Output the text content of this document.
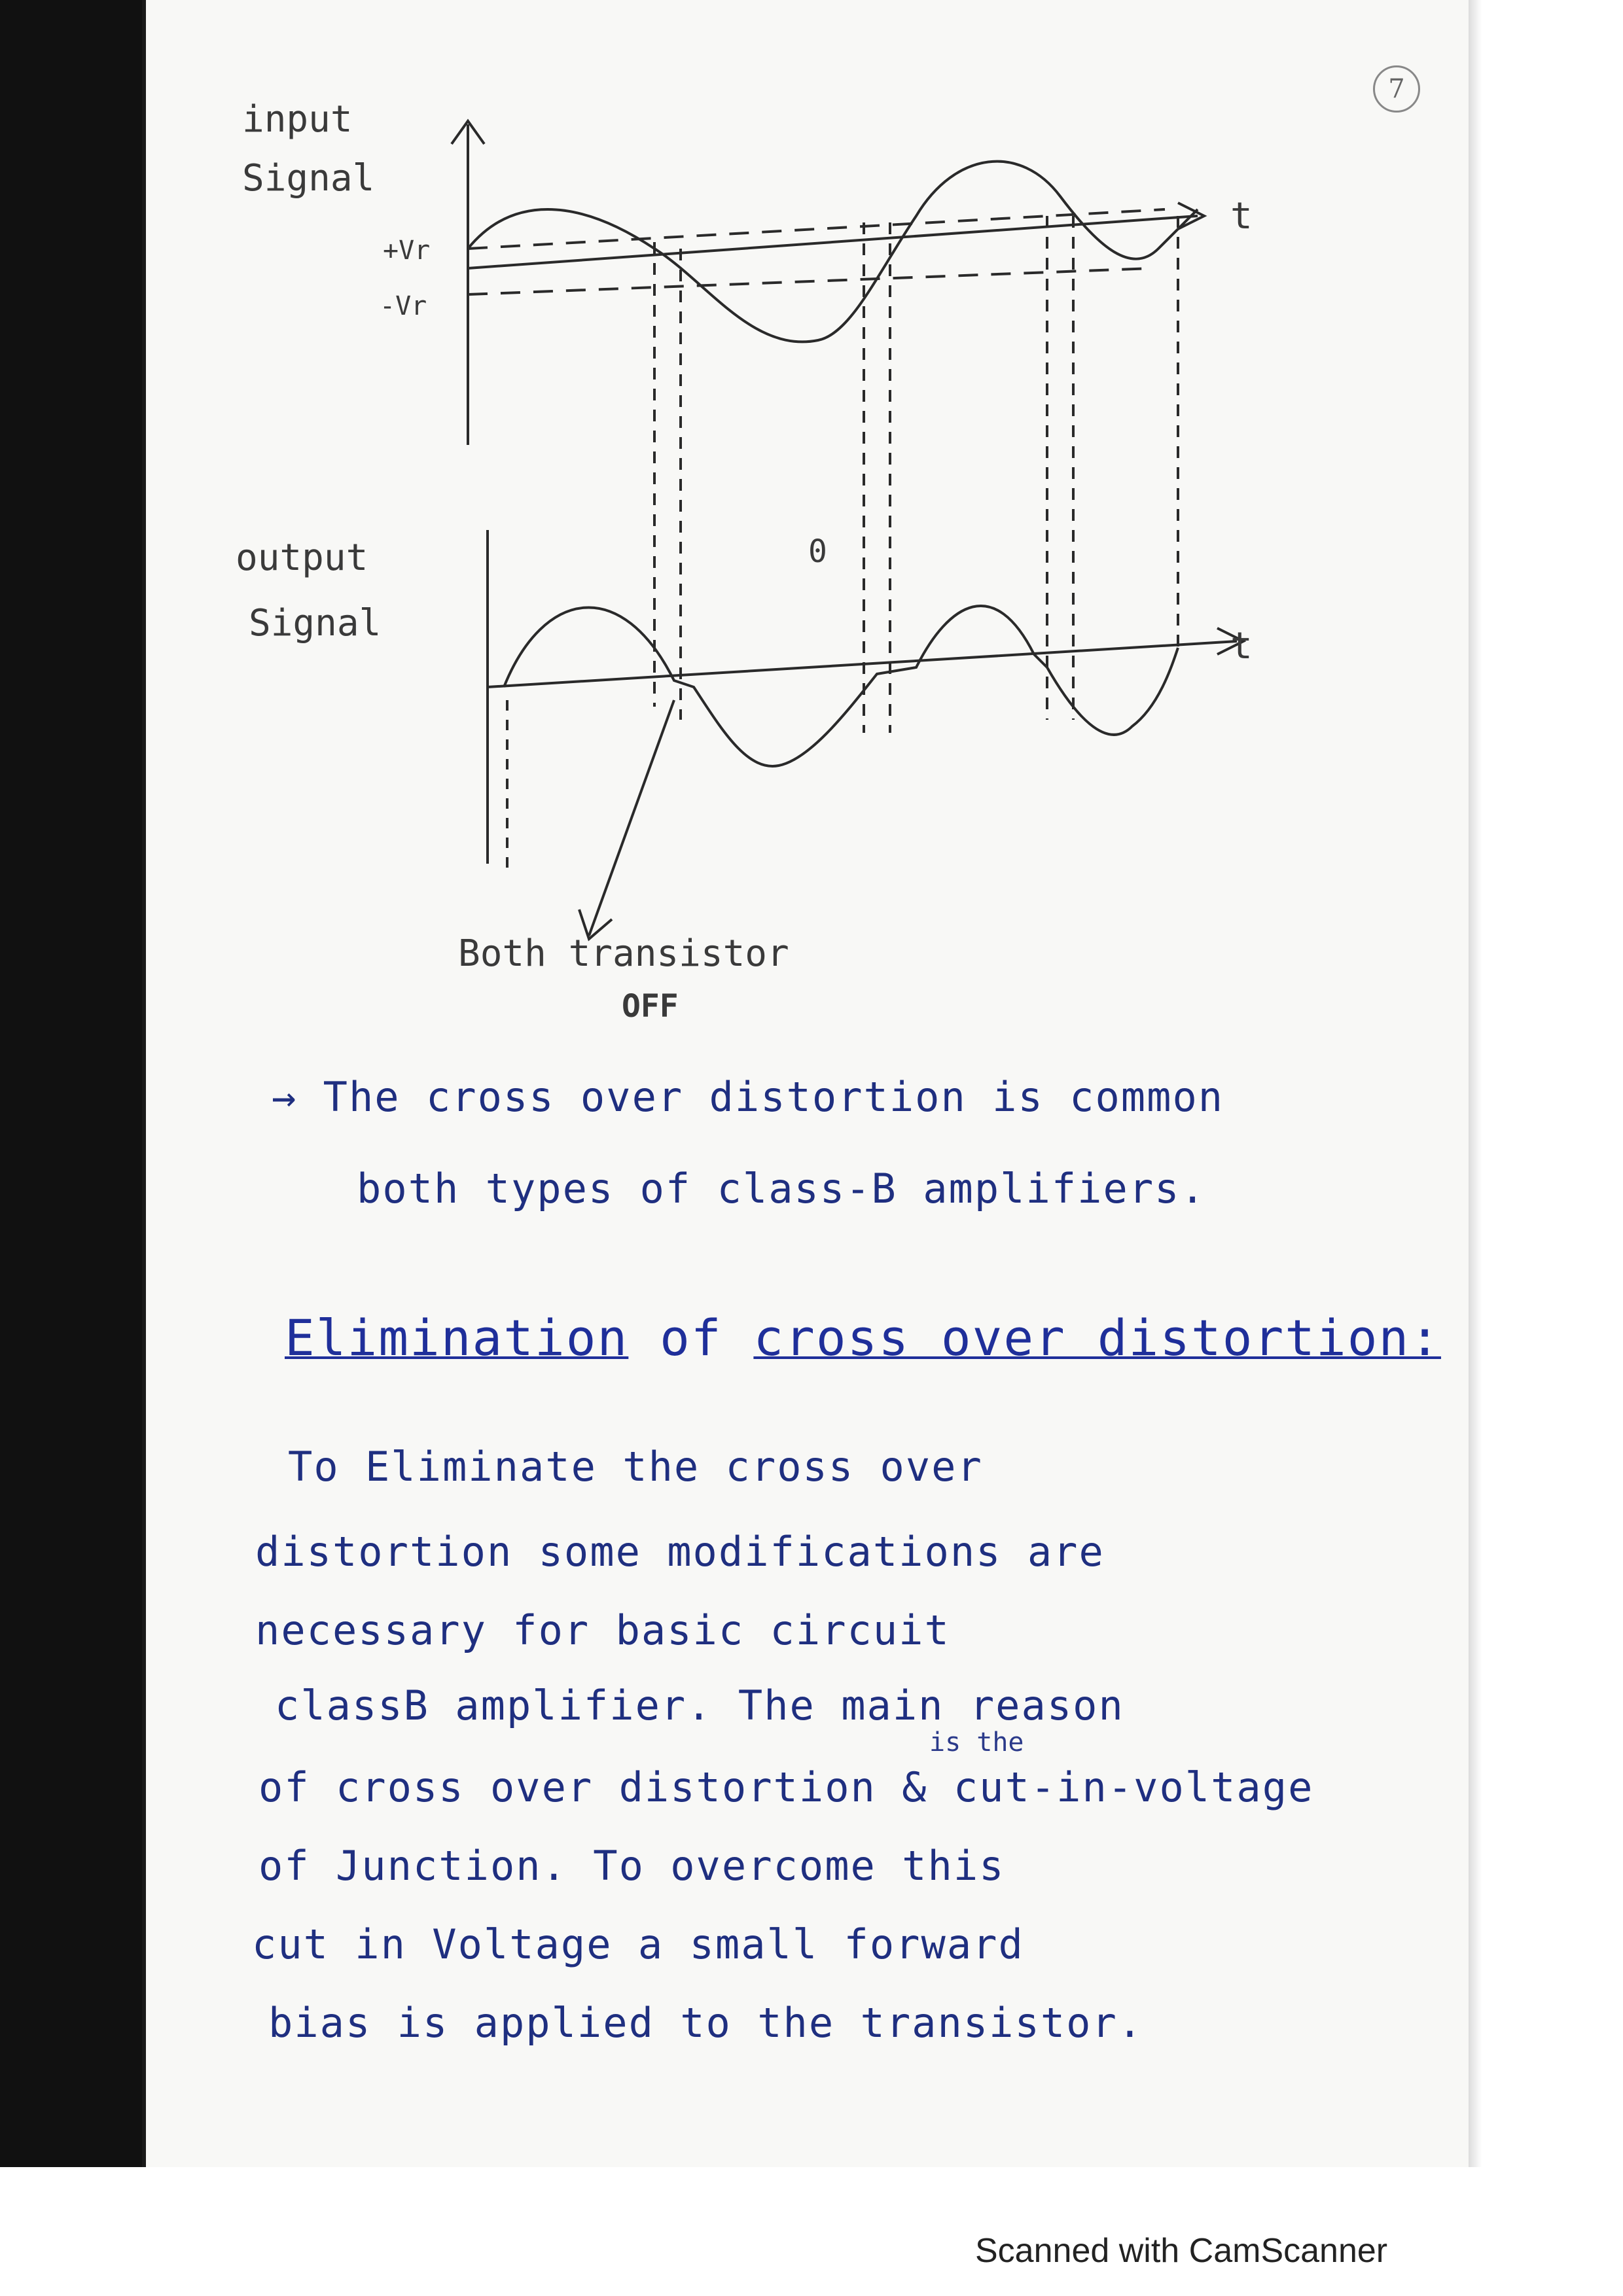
7
input
Signal
+Vr
-Vr
t
output
Signal
t
0
Both transistor
OFF
→ The cross over distortion is common
both types of class-B amplifiers.
Elimination of cross over distortion:
To Eliminate the cross over
distortion some modifications are
necessary for basic circuit
classB amplifier. The main reason
is the
of cross over distortion & cut-in-voltage
of Junction. To overcome this
cut in Voltage a small forward
bias is applied to the transistor.
Scanned with CamScanner
